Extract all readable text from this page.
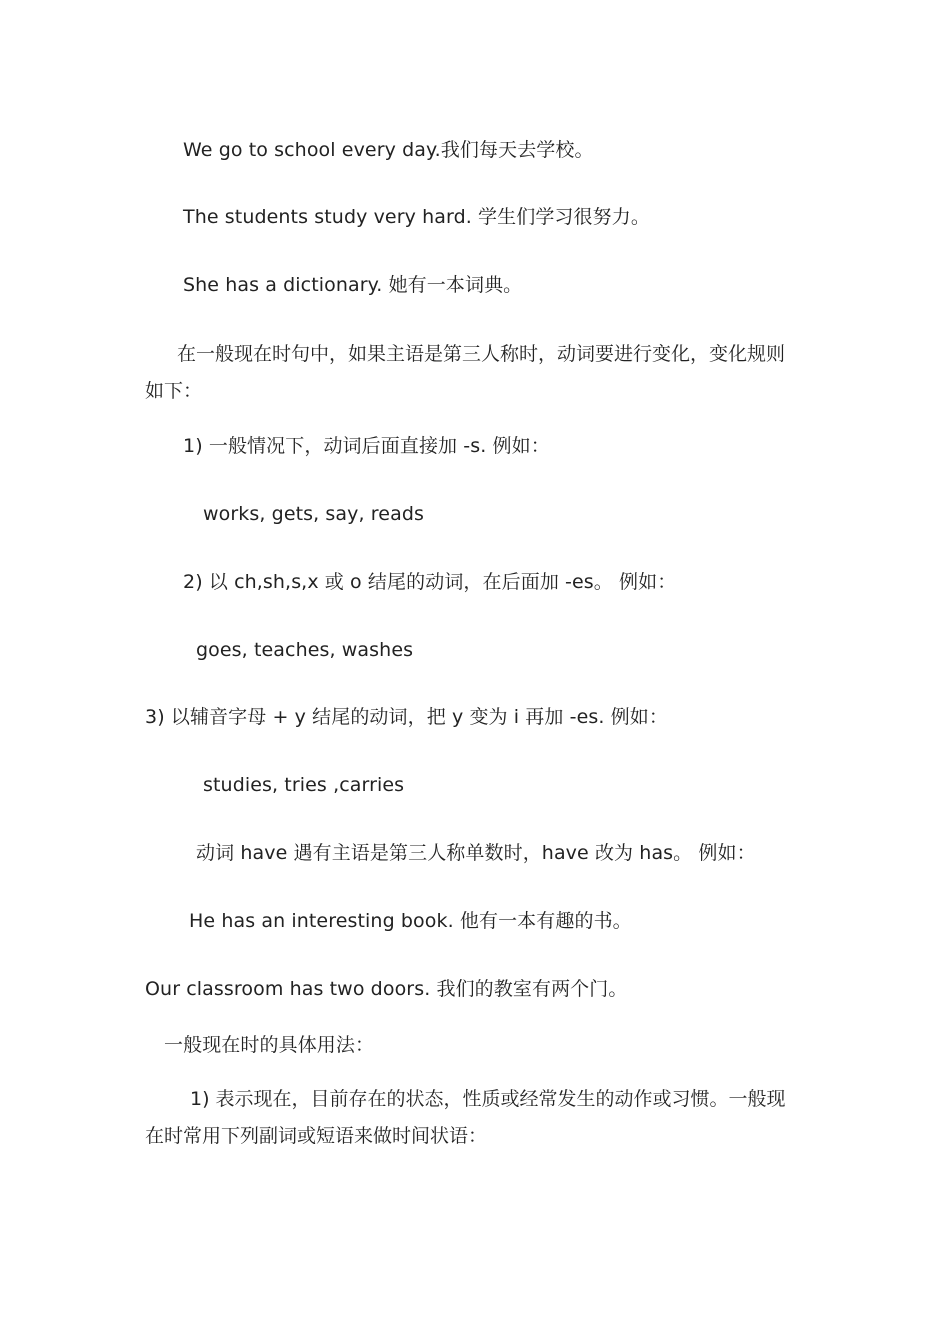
We go to school every day.我们每天去学校。
The students study very hard. 学生们学习很努力。
She has a dictionary. 她有一本词典。
在一般现在时句中，如果主语是第三人称时，动词要进行变化，变化规则如下：
1) 一般情况下，动词后面直接加 -s. 例如：
works, gets, say, reads
2) 以 ch,sh,s,x 或 o 结尾的动词，在后面加 -es。 例如：
goes, teaches, washes
3) 以辅音字母 + y 结尾的动词，把 y 变为 i 再加 -es. 例如：
studies, tries ,carries
动词 have 遇有主语是第三人称单数时，have 改为 has。 例如：
He has an interesting book. 他有一本有趣的书。
Our classroom has two doors. 我们的教室有两个门。
一般现在时的具体用法：
1) 表示现在，目前存在的状态，性质或经常发生的动作或习惯。一般现在时常用下列副词或短语来做时间状语：
